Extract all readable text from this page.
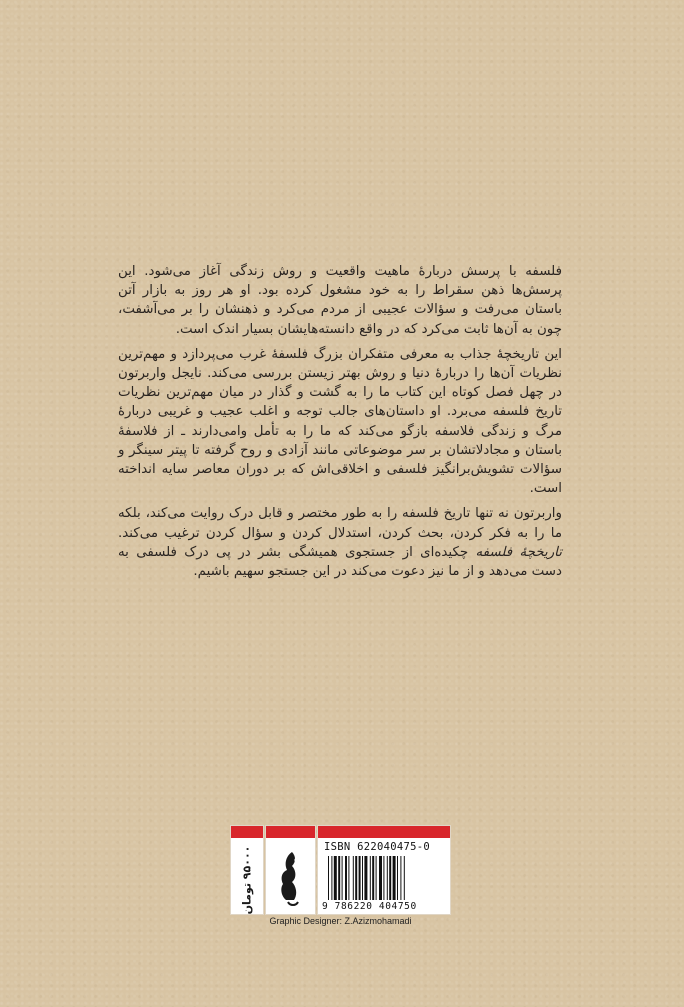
فلسفه با پرسش دربارهٔ ماهیت واقعیت و روش زندگی آغاز می‌شود. این پرسش‌ها ذهن سقراط را به خود مشغول کرده بود. او هر روز به بازار آتن باستان می‌رفت و سؤالات عجیبی از مردم می‌کرد و ذهنشان را بر می‌آشفت، چون به آن‌ها ثابت می‌کرد که در واقع دانسته‌هایشان بسیار اندک است.

این تاریخچهٔ جذاب به معرفی متفکران بزرگ فلسفهٔ غرب می‌پردازد و مهم‌ترین نظریات آن‌ها را دربارهٔ دنیا و روش بهتر زیستن بررسی می‌کند. نایجل واربرتون در چهل فصل کوتاه این کتاب ما را به گشت و گذار در میان مهم‌ترین نظریات تاریخ فلسفه می‌برد. او داستان‌های جالب توجه و اغلب عجیب و غریبی دربارهٔ مرگ و زندگی فلاسفه بازگو می‌کند که ما را به تأمل وامی‌دارند ـ از فلاسفهٔ باستان و مجادلاتشان بر سر موضوعاتی مانند آزادی و روح گرفته تا پیتر سینگر و سؤالات تشویش‌برانگیز فلسفی و اخلاقی‌اش که بر دوران معاصر سایه انداخته است.

واربرتون نه تنها تاریخ فلسفه را به طور مختصر و قابل درک روایت می‌کند، بلکه ما را به فکر کردن، بحث کردن، استدلال کردن و سؤال کردن ترغیب می‌کند. تاریخچهٔ فلسفه چکیده‌ای از جستجوی همیشگی بشر در پی درک فلسفی به دست می‌دهد و از ما نیز دعوت می‌کند در این جستجو سهیم باشیم.

۹۵۰۰۰ تومان	ISBN 622040475-0
9 786220 404750
Graphic Designer: Z.Azizmohamadi
